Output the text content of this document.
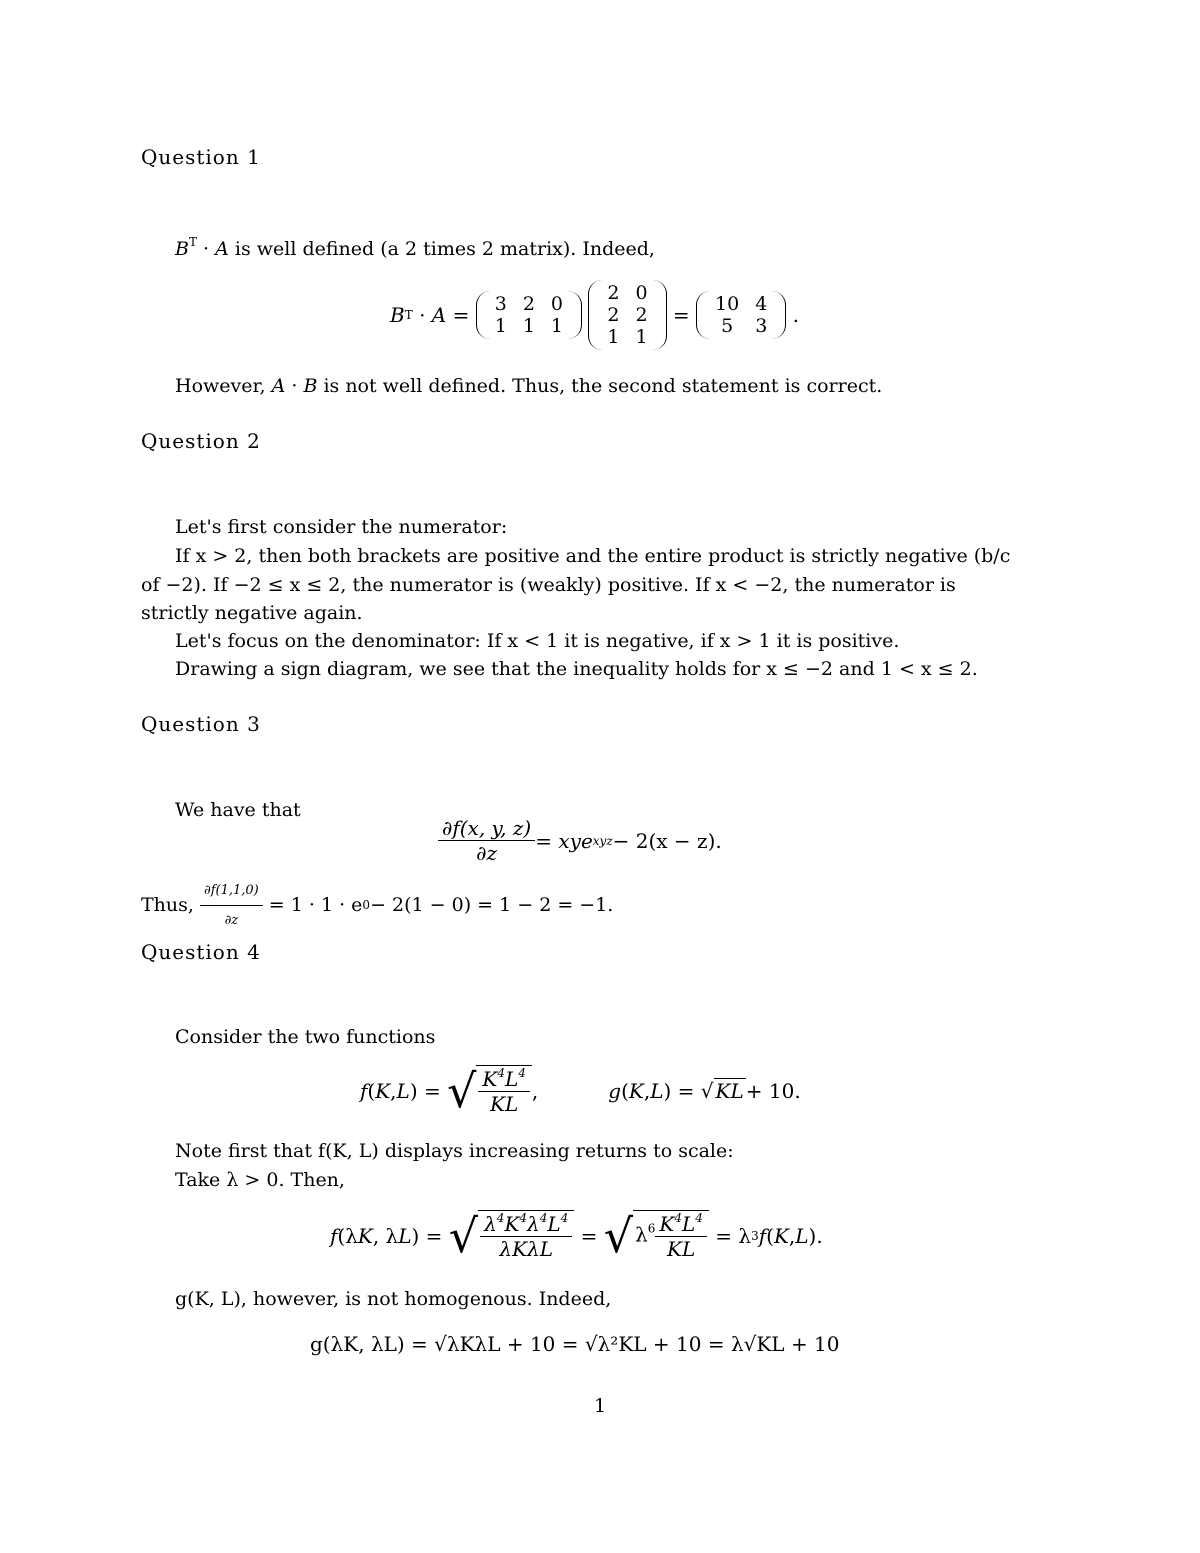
Question 1
$B^T \cdot A$ is well defined (a 2 times 2 matrix). Indeed,
B T · A = 3	2	0
1	1	1

2	0
2	2
1	1
= 10	4
5	3 .
However, A · B is not well defined. Thus, the second statement is correct.
Question 2
Let's first consider the numerator:
If x > 2, then both brackets are positive and the entire product is strictly negative (b/c
of −2). If −2 ≤ x ≤ 2, the numerator is (weakly) positive. If x < −2, the numerator is
strictly negative again.
Let's focus on the denominator: If x < 1 it is negative, if x > 1 it is positive.
Drawing a sign diagram, we see that the inequality holds for x ≤ −2 and 1 < x ≤ 2.
Question 3
We have that
$\frac{\partial f(x, y, z)}{\partial z}$ = xye xyz − 2(x − z).
Thus,
$\frac{\partial f(1,1,0)}{\partial z}$
= 1 · 1 · e 0 − 2(1 − 0) = 1 − 2 = −1.
Question 4
Consider the two functions
f ( K , L ) = √ $\frac{K^4L^4}{KL}$ ,	g ( K , L ) = √ KL + 10.
Note first that f(K, L) displays increasing returns to scale:
Take λ > 0. Then,
f (λ K , λ L ) = √ $\frac{\lambda^4K^4\lambda^4L^4}{\text{λKλL}}$ = √ $\lambda^6 \frac{K^4L^4}{KL} = \lambda$ 3 f ( K , L ).
g(K, L), however, is not homogenous. Indeed,
g(λK, λL) = √λKλL + 10 = √λ²KL + 10 = λ√KL + 10
1
